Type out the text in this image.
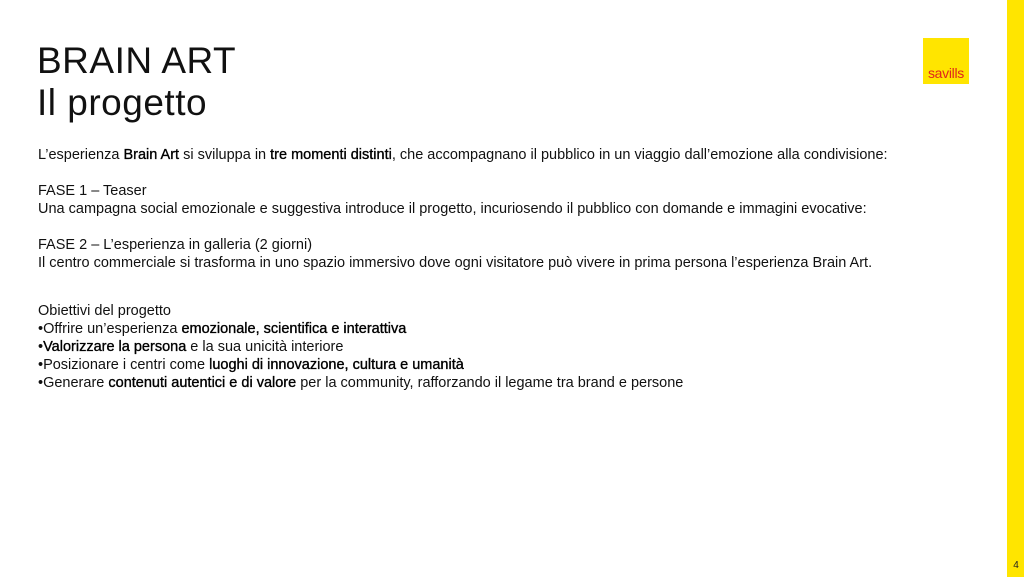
BRAIN ART
Il progetto
savills
4

L’esperienza Brain Art si sviluppa in tre momenti distinti, che accompagnano il pubblico in un viaggio dall’emozione alla condivisione:

FASE 1 – Teaser

Una campagna social emozionale e suggestiva introduce il progetto, incuriosendo il pubblico con domande e immagini evocative:

FASE 2 – L’esperienza in galleria (2 giorni)

Il centro commerciale si trasforma in uno spazio immersivo dove ogni visitatore può vivere in prima persona l’esperienza Brain Art.

Obiettivi del progetto

•Offrire un’esperienza emozionale, scientifica e interattiva

•Valorizzare la persona e la sua unicità interiore

•Posizionare i centri come luoghi di innovazione, cultura e umanità

•Generare contenuti autentici e di valore per la community, rafforzando il legame tra brand e persone
